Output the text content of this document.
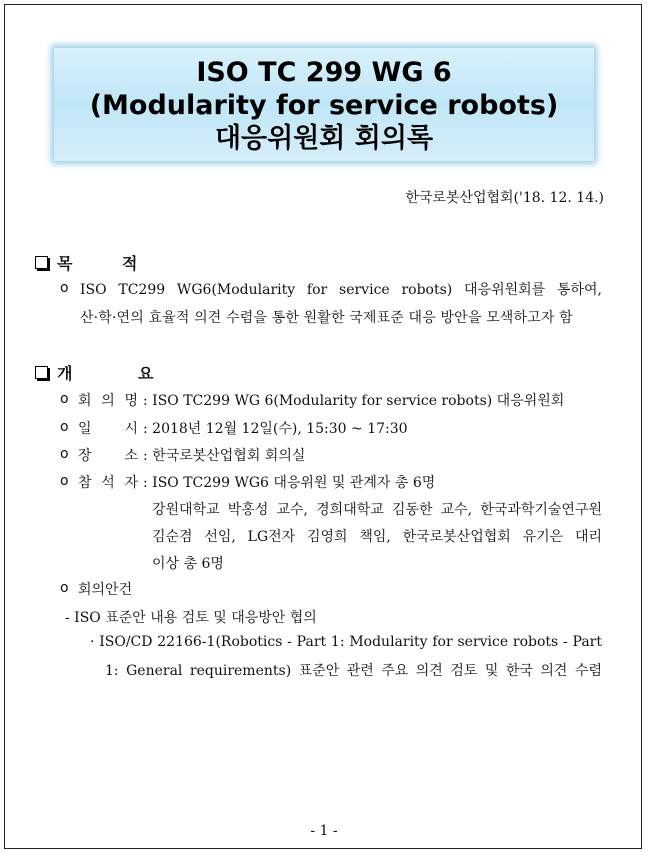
ISO TC 299 WG 6
(Modularity for service robots)
대응위원회 회의록
한국로봇산업협회('18. 12. 14.)
목 적
o ISO TC299 WG6(Modularity for service robots) 대응위원회를 통하여,
산·학·연의 효율적 의견 수렴을 통한 원활한 국제표준 대응 방안을 모색하고자 함
개 요
o 회 의 명 : ISO TC299 WG 6(Modularity for service robots) 대응위원회
o 일 시 : 2018년 12월 12일(수), 15:30 ~ 17:30
o 장 소 : 한국로봇산업협회 회의실
o 참 석 자 : ISO TC299 WG6 대응위원 및 관계자 총 6명
강원대학교 박홍성 교수, 경희대학교 김동한 교수, 한국과학기술연구원
김순겸 선임, LG전자 김영희 책임, 한국로봇산업협회 유기은 대리
이상 총 6명
o 회의안건
- ISO 표준안 내용 검토 및 대응방안 협의
· ISO/CD 22166-1(Robotics - Part 1: Modularity for service robots - Part
1: General requirements) 표준안 관련 주요 의견 검토 및 한국 의견 수렴
- 1 -
